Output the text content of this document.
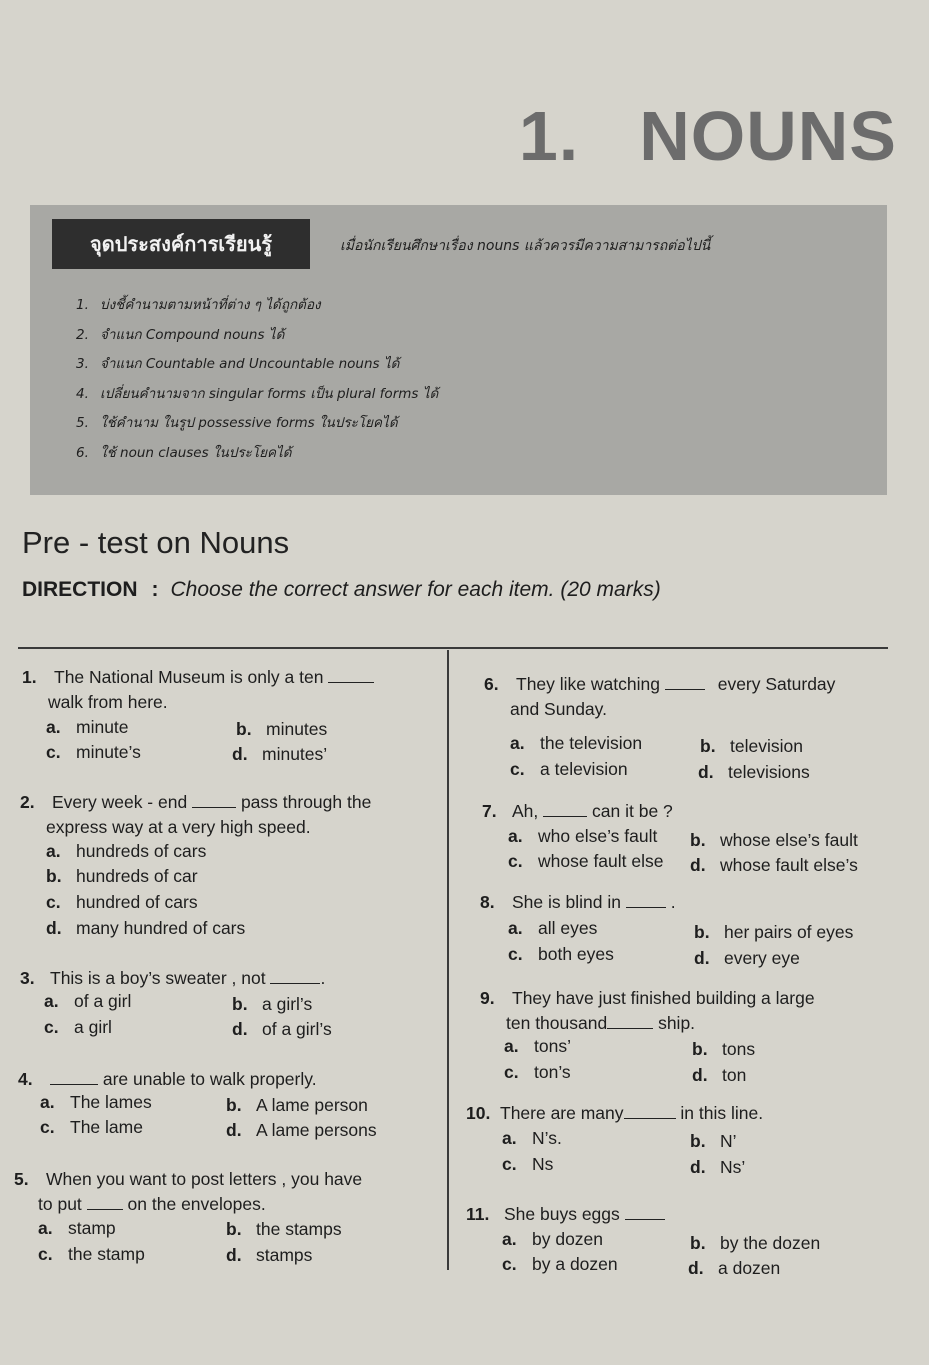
1. NOUNS
จุดประสงค์การเรียนรู้	เมื่อนักเรียนศึกษาเรื่อง nouns แล้วควรมีความสามารถต่อไปนี้
1. บ่งชี้คำนามตามหน้าที่ต่าง ๆ ได้ถูกต้อง
2. จำแนก Compound nouns ได้
3. จำแนก Countable and Uncountable nouns ได้
4. เปลี่ยนคำนามจาก singular forms เป็น plural forms ได้
5. ใช้คำนาม ในรูป possessive forms ในประโยคได้
6. ใช้ noun clauses ในประโยคได้
Pre - test on Nouns
DIRECTION : Choose the correct answer for each item. (20 marks)
1. The National Museum is only a ten
walk from here.
a. minute	b. minutes
c. minute’s	d. minutes’
2. Every week - end	pass through the
express way at a very high speed.
a. hundreds of cars
b. hundreds of car
c. hundred of cars
d. many hundred of cars
3. This is a boy’s sweater , not	.
a. of a girl	b. a girl’s
c. a girl	d. of a girl’s
4.	are unable to walk properly.
a. The lames	b. A lame person
c. The lame	d. A lame persons
5. When you want to post letters , you have
to put	on the envelopes.
a. stamp	b. the stamps
c. the stamp	d. stamps
6. They like watching	every Saturday
and Sunday.
a. the television	b. television
c. a television	d. televisions
7. Ah,	can it be ?
a. who else’s fault b. whose else’s fault
c. whose fault else d. whose fault else’s
8. She is blind in	.
a. all eyes	b. her pairs of eyes
c. both eyes	d. every eye
9. They have just finished building a large
ten thousand	ship.
a. tons’	b. tons
c. ton’s	d. ton
10. There are many	in this line.
a. N’s.	b. N’
c. Ns	d. Ns’
11. She buys eggs
a. by dozen	b. by the dozen
c. by a dozen	d. a dozen
